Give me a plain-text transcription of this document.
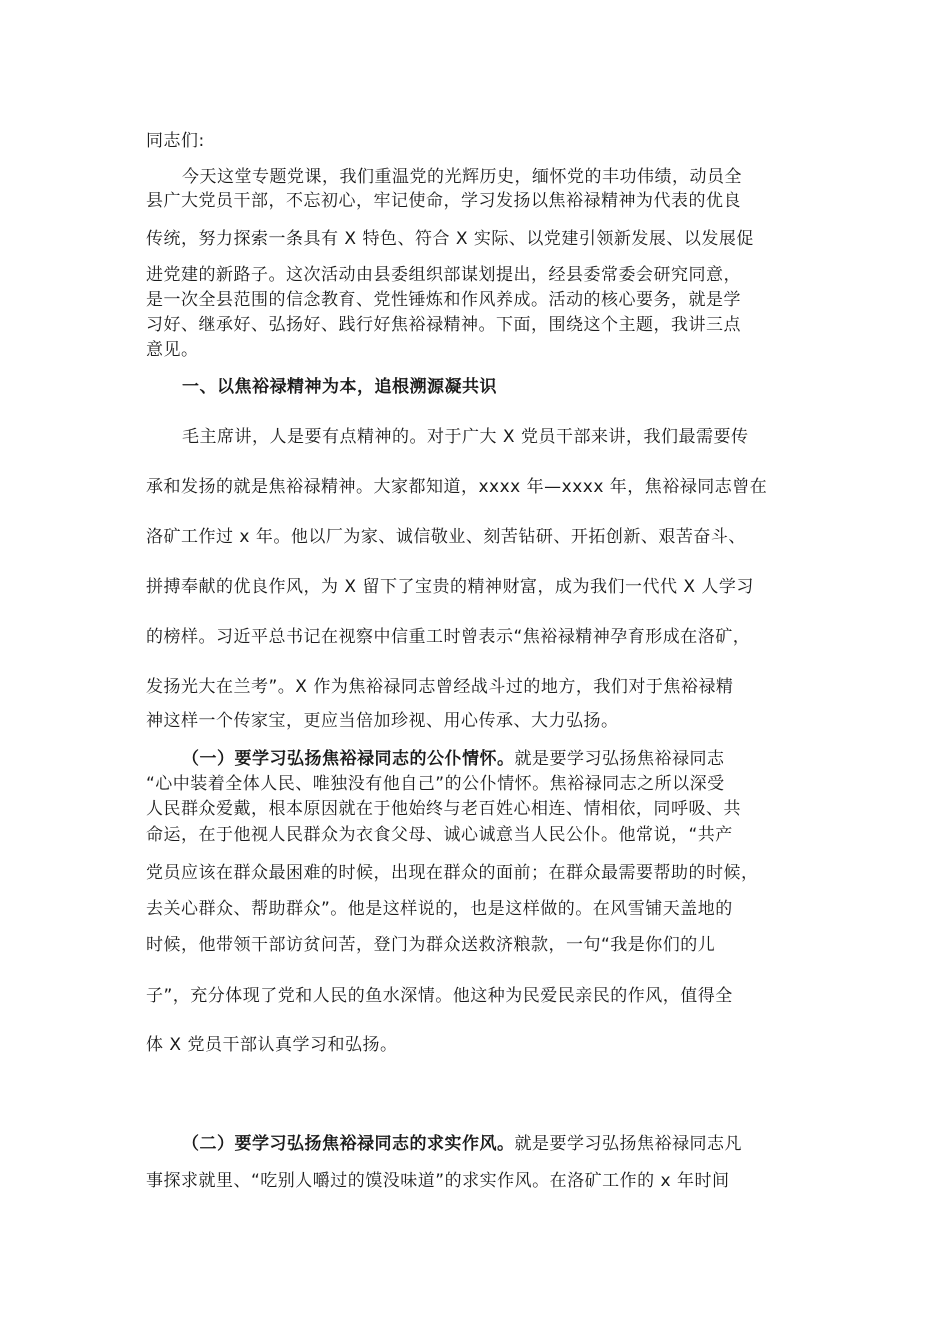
同志们:
今天这堂专题党课，我们重温党的光辉历史，缅怀党的丰功伟绩，动员全
县广大党员干部，不忘初心，牢记使命，学习发扬以焦裕禄精神为代表的优良
传统，努力探索一条具有 X 特色、符合 X 实际、以党建引领新发展、以发展促
进党建的新路子。这次活动由县委组织部谋划提出，经县委常委会研究同意，
是一次全县范围的信念教育、党性锤炼和作风养成。活动的核心要务，就是学
习好、继承好、弘扬好、践行好焦裕禄精神。下面，围绕这个主题，我讲三点
意见。
一、以焦裕禄精神为本，追根溯源凝共识
毛主席讲，人是要有点精神的。对于广大 X 党员干部来讲，我们最需要传
承和发扬的就是焦裕禄精神。大家都知道，xxxx 年—xxxx 年，焦裕禄同志曾在
洛矿工作过 x 年。他以厂为家、诚信敬业、刻苦钻研、开拓创新、艰苦奋斗、
拼搏奉献的优良作风，为 X 留下了宝贵的精神财富，成为我们一代代 X 人学习
的榜样。习近平总书记在视察中信重工时曾表示“焦裕禄精神孕育形成在洛矿，
发扬光大在兰考”。X 作为焦裕禄同志曾经战斗过的地方，我们对于焦裕禄精
神这样一个传家宝，更应当倍加珍视、用心传承、大力弘扬。
（一）要学习弘扬焦裕禄同志的公仆情怀。就是要学习弘扬焦裕禄同志
“心中装着全体人民、唯独没有他自己”的公仆情怀。焦裕禄同志之所以深受
人民群众爱戴，根本原因就在于他始终与老百姓心相连、情相依，同呼吸、共
命运，在于他视人民群众为衣食父母、诚心诚意当人民公仆。他常说，“共产
党员应该在群众最困难的时候，出现在群众的面前；在群众最需要帮助的时候，
去关心群众、帮助群众”。他是这样说的，也是这样做的。在风雪铺天盖地的
时候，他带领干部访贫问苦，登门为群众送救济粮款，一句“我是你们的儿
子”，充分体现了党和人民的鱼水深情。他这种为民爱民亲民的作风，值得全
体 X 党员干部认真学习和弘扬。
（二）要学习弘扬焦裕禄同志的求实作风。就是要学习弘扬焦裕禄同志凡
事探求就里、“吃别人嚼过的馍没味道”的求实作风。在洛矿工作的 x 年时间
